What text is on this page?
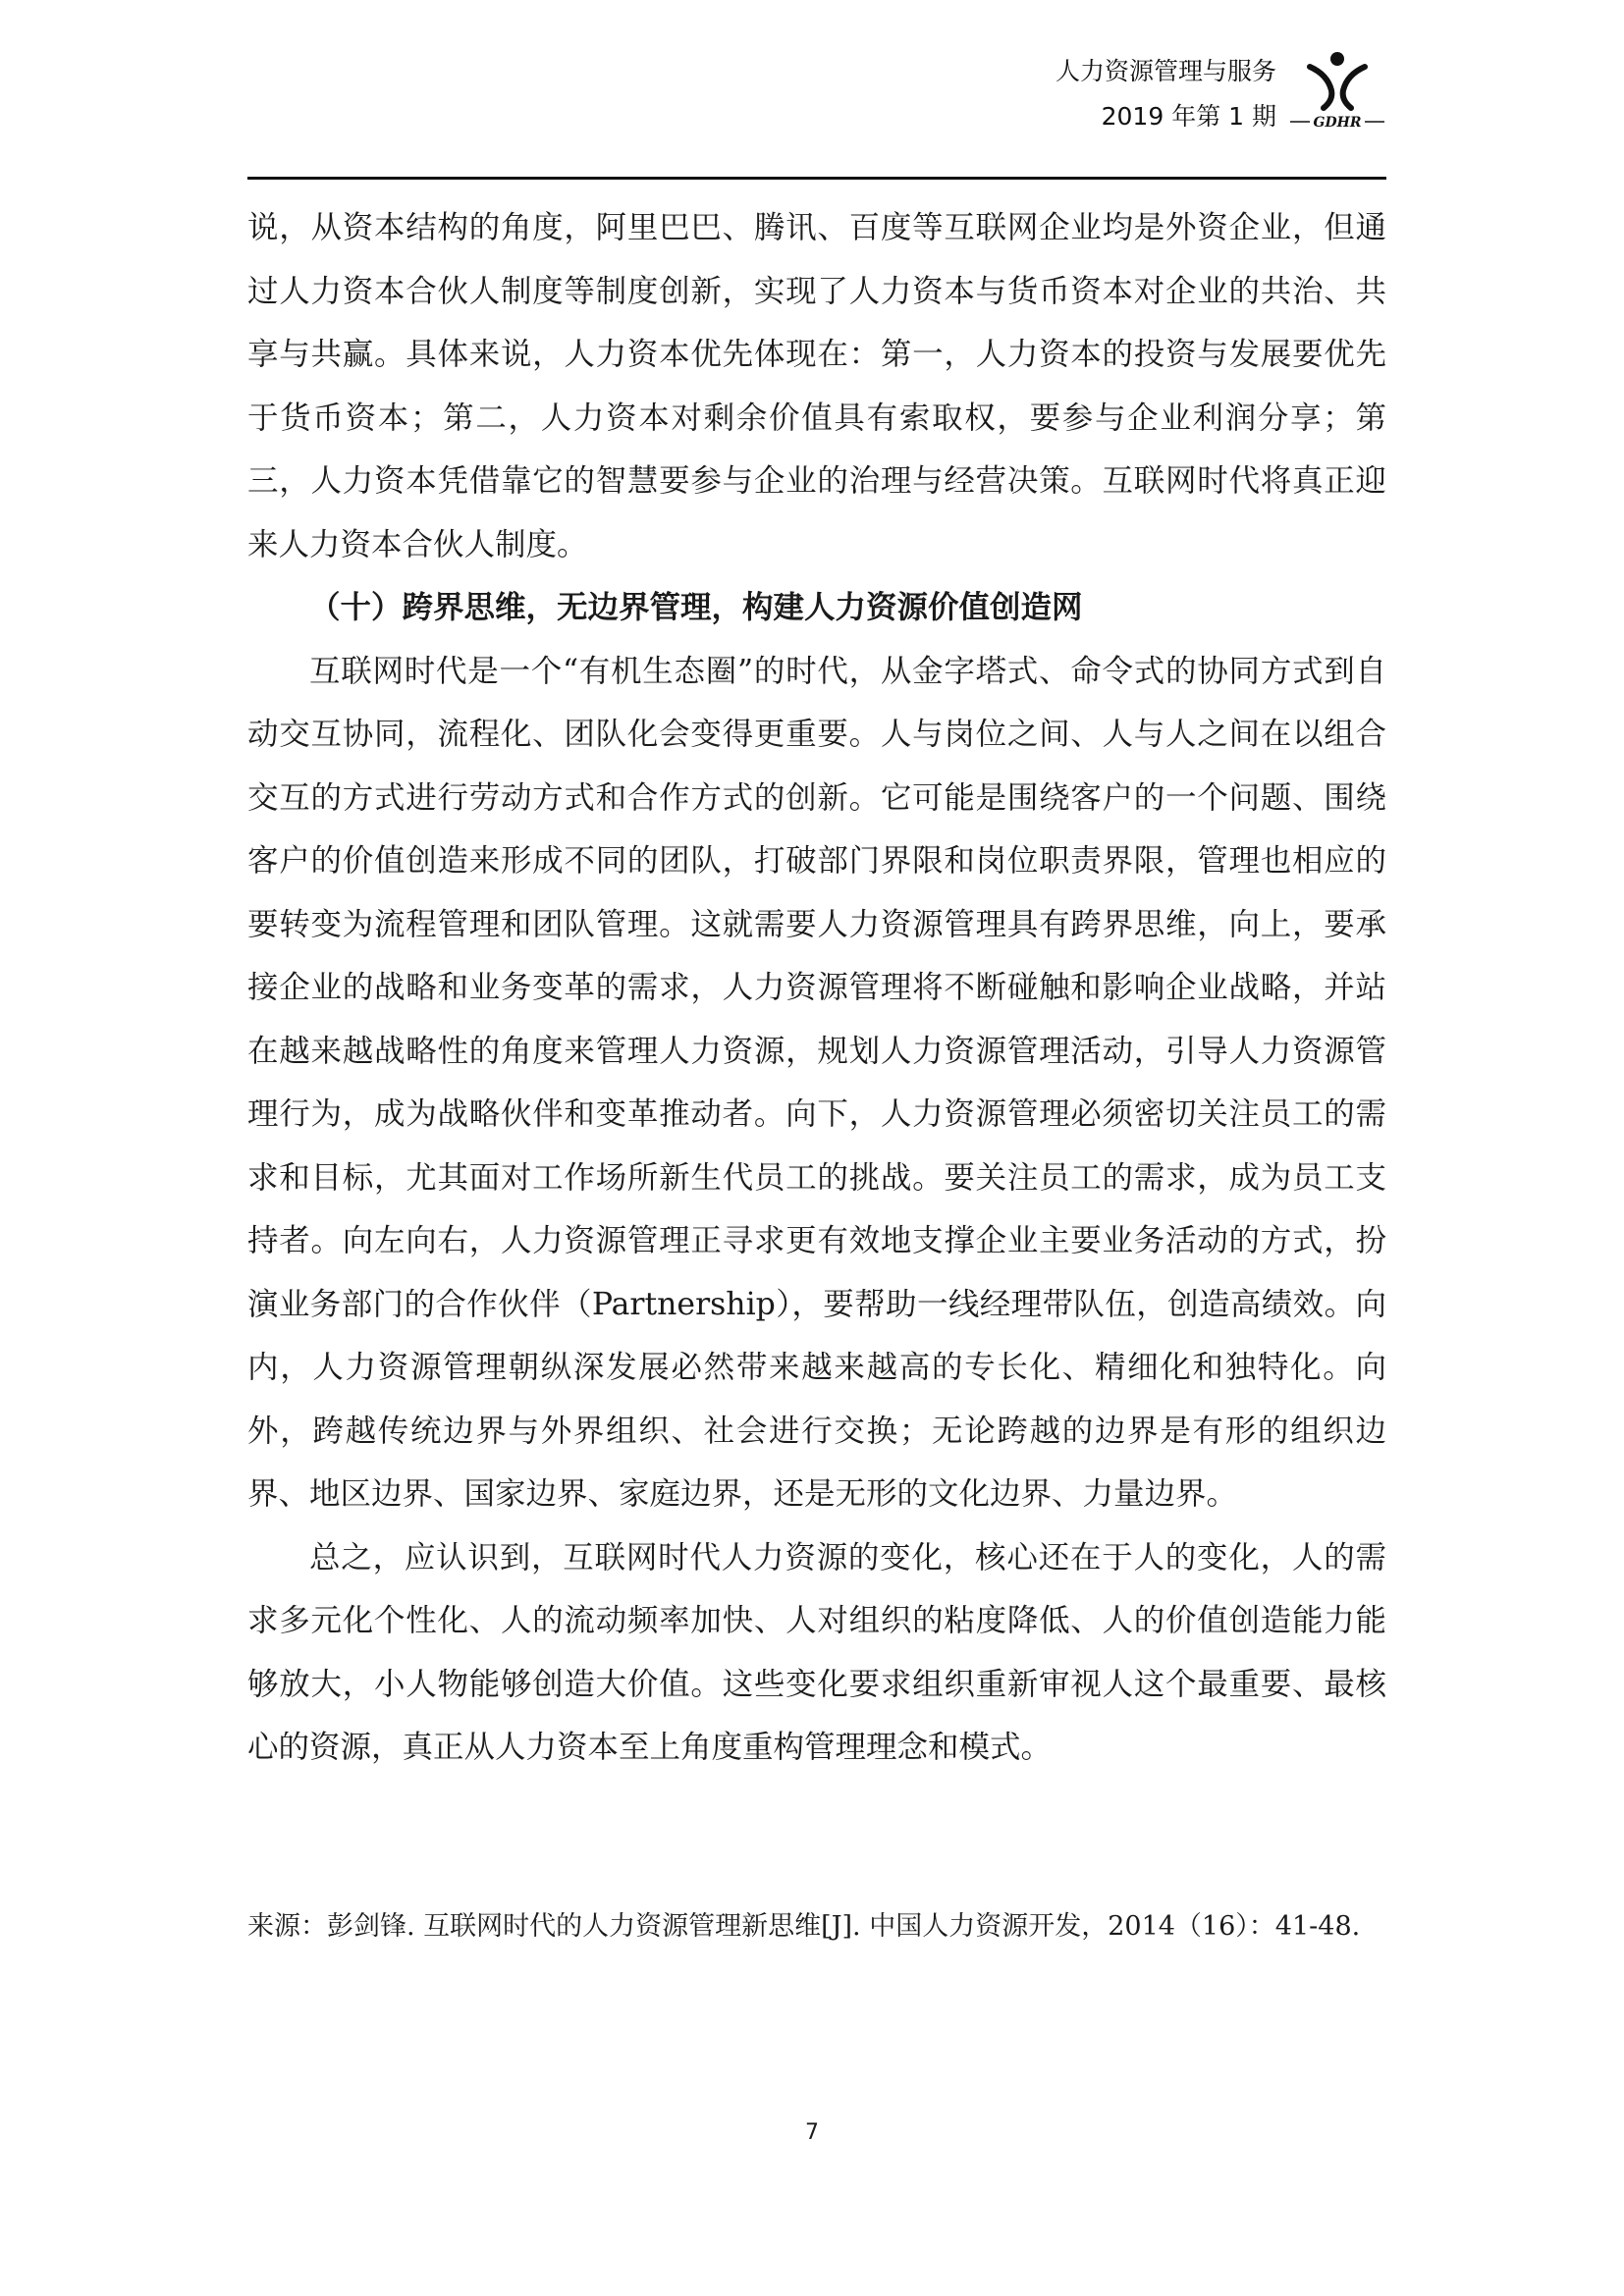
人力资源管理与服务
2019 年第 1 期	GDHR

说，从资本结构的角度，阿里巴巴、腾讯、百度等互联网企业均是外资企业，但通过人力资本合伙人制度等制度创新，实现了人力资本与货币资本对企业的共治、共享与共赢。具体来说，人力资本优先体现在：第一，人力资本的投资与发展要优先于货币资本；第二，人力资本对剩余价值具有索取权，要参与企业利润分享；第三，人力资本凭借靠它的智慧要参与企业的治理与经营决策。互联网时代将真正迎来人力资本合伙人制度。

（十）跨界思维，无边界管理，构建人力资源价值创造网

互联网时代是一个“有机生态圈”的时代，从金字塔式、命令式的协同方式到自动交互协同，流程化、团队化会变得更重要。人与岗位之间、人与人之间在以组合交互的方式进行劳动方式和合作方式的创新。它可能是围绕客户的一个问题、围绕客户的价值创造来形成不同的团队，打破部门界限和岗位职责界限，管理也相应的要转变为流程管理和团队管理。这就需要人力资源管理具有跨界思维，向上，要承接企业的战略和业务变革的需求，人力资源管理将不断碰触和影响企业战略，并站在越来越战略性的角度来管理人力资源，规划人力资源管理活动，引导人力资源管理行为，成为战略伙伴和变革推动者。向下，人力资源管理必须密切关注员工的需求和目标，尤其面对工作场所新生代员工的挑战。要关注员工的需求，成为员工支持者。向左向右，人力资源管理正寻求更有效地支撑企业主要业务活动的方式，扮演业务部门的合作伙伴（Partnership），要帮助一线经理带队伍，创造高绩效。向内，人力资源管理朝纵深发展必然带来越来越高的专长化、精细化和独特化。向外，跨越传统边界与外界组织、社会进行交换；无论跨越的边界是有形的组织边界、地区边界、国家边界、家庭边界，还是无形的文化边界、力量边界。

总之，应认识到，互联网时代人力资源的变化，核心还在于人的变化，人的需求多元化个性化、人的流动频率加快、人对组织的粘度降低、人的价值创造能力能够放大，小人物能够创造大价值。这些变化要求组织重新审视人这个最重要、最核心的资源，真正从人力资本至上角度重构管理理念和模式。

来源：彭剑锋. 互联网时代的人力资源管理新思维[J]. 中国人力资源开发，2014（16）：41-48.
7
